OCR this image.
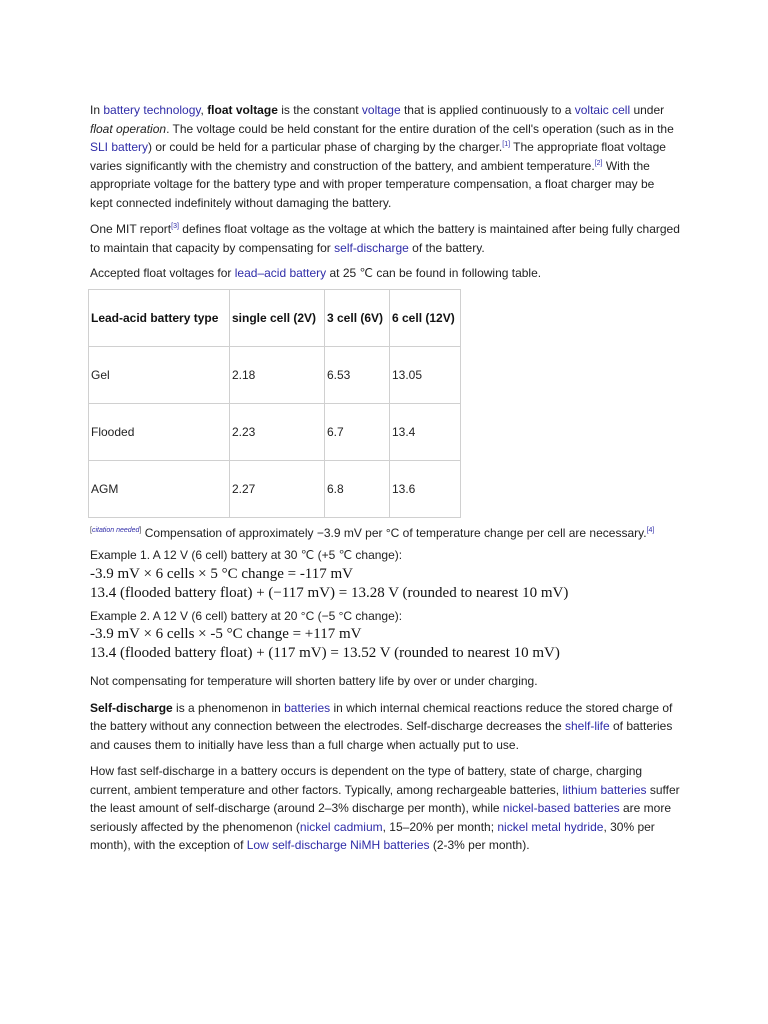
In battery technology, float voltage is the constant voltage that is applied continuously to a voltaic cell under float operation. The voltage could be held constant for the entire duration of the cell's operation (such as in the SLI battery) or could be held for a particular phase of charging by the charger.[1] The appropriate float voltage varies significantly with the chemistry and construction of the battery, and ambient temperature.[2] With the appropriate voltage for the battery type and with proper temperature compensation, a float charger may be kept connected indefinitely without damaging the battery.

One MIT report[3] defines float voltage as the voltage at which the battery is maintained after being fully charged to maintain that capacity by compensating for self-discharge of the battery.

Accepted float voltages for lead–acid battery at 25 ℃ can be found in following table.

Lead-acid battery type	single cell (2V)	3 cell (6V)	6 cell (12V)
Gel	2.18	6.53	13.05
Flooded	2.23	6.7	13.4
AGM	2.27	6.8	13.6

[citation needed] Compensation of approximately −3.9 mV per °C of temperature change per cell are necessary.[4]

Example 1. A 12 V (6 cell) battery at 30 ℃ (+5 ℃ change):

-3.9 mV × 6 cells × 5 °C change = -117 mV

13.4 (flooded battery float) + (−117 mV) = 13.28 V (rounded to nearest 10 mV)

Example 2. A 12 V (6 cell) battery at 20 °C (−5 °C change):

-3.9 mV × 6 cells × -5 °C change = +117 mV

13.4 (flooded battery float) + (117 mV) = 13.52 V (rounded to nearest 10 mV)

Not compensating for temperature will shorten battery life by over or under charging.

Self-discharge is a phenomenon in batteries in which internal chemical reactions reduce the stored charge of the battery without any connection between the electrodes. Self-discharge decreases the shelf-life of batteries and causes them to initially have less than a full charge when actually put to use.

How fast self-discharge in a battery occurs is dependent on the type of battery, state of charge, charging current, ambient temperature and other factors. Typically, among rechargeable batteries, lithium batteries suffer the least amount of self-discharge (around 2–3% discharge per month), while nickel-based batteries are more seriously affected by the phenomenon (nickel cadmium, 15–20% per month; nickel metal hydride, 30% per month), with the exception of Low self-discharge NiMH batteries (2-3% per month).
